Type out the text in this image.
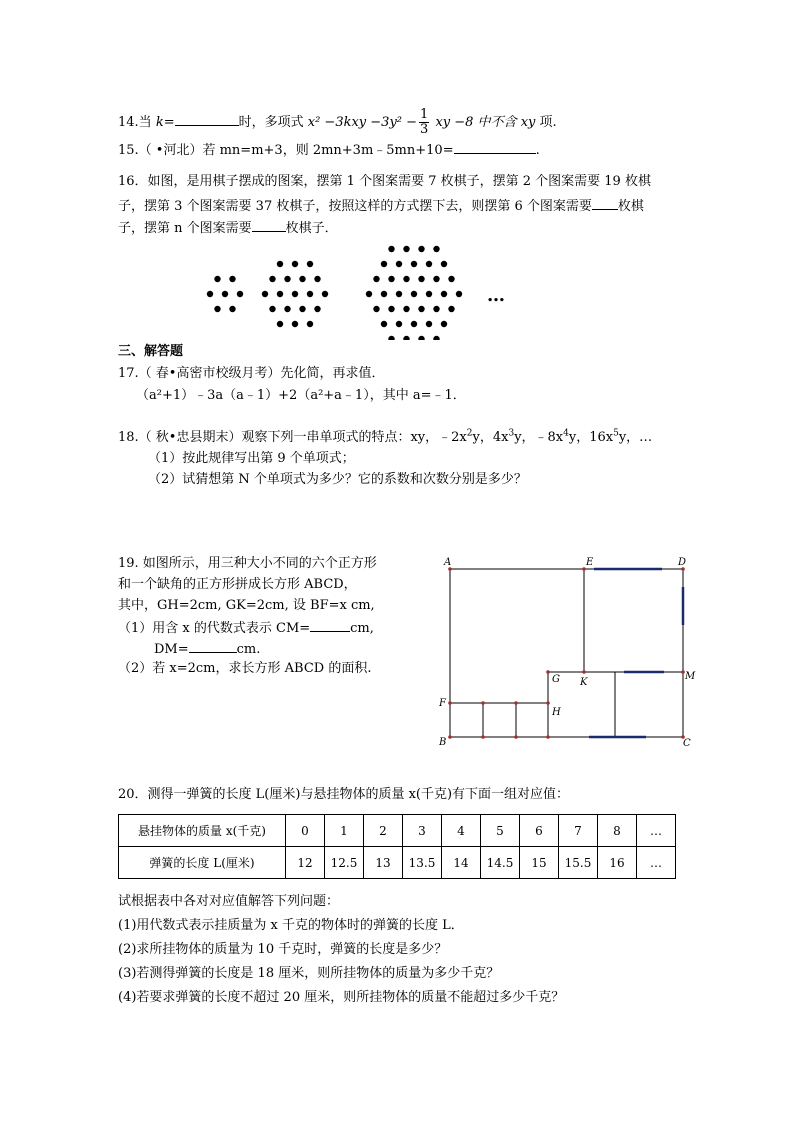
14.当 k=	时，多项式 $x^2 -3kxy -3y^2 - \frac{1}{3}$ xy −8 中不含 xy 项.
15.（ •河北）若 mn=m+3，则 2mn+3m﹣5mn+10=	.
16．如图，是用棋子摆成的图案，摆第 1 个图案需要 7 枚棋子，摆第 2 个图案需要 19 枚棋
子，摆第 3 个图案需要 37 枚棋子，按照这样的方式摆下去，则摆第 6 个图案需要 枚棋
子，摆第 n 个图案需要	枚棋子．
…
三、解答题
17.（ 春•高密市校级月考）先化简，再求值．
（a²+1）﹣3a（a﹣1）+2（a²+a﹣1），其中 a=﹣1．
18.（ 秋•忠县期末）观察下列一串单项式的特点：xy，$﹣2x^2y$，$4x^3y$，$﹣8x^4y$，$16x^5y$，…
（1）按此规律写出第 9 个单项式；
（2）试猜想第 N 个单项式为多少？它的系数和次数分别是多少？
19. 如图所示，用三种大小不同的六个正方形
和一个缺角的正方形拼成长方形 ABCD，
其中，GH=2cm, GK=2cm, 设 BF=x cm,
（1）用含 x 的代数式表示 CM=	cm,
DM=	cm.
（2）若 x=2cm，求长方形 ABCD 的面积.
A	E	D
G K
M
F
H
B	C
20．测得一弹簧的长度 L(厘米)与悬挂物体的质量 x(千克)有下面一组对应值：
悬挂物体的质量 x(千克)	0	1	2	3	4	5	6	7	8	…
弹簧的长度 L(厘米)	12	12.5	13	13.5	14	14.5	15	15.5	16	…
试根据表中各对对应值解答下列问题：
(1)用代数式表示挂质量为 x 千克的物体时的弹簧的长度 L．
(2)求所挂物体的质量为 10 千克时，弹簧的长度是多少？
(3)若测得弹簧的长度是 18 厘米，则所挂物体的质量为多少千克？
(4)若要求弹簧的长度不超过 20 厘米，则所挂物体的质量不能超过多少千克？
